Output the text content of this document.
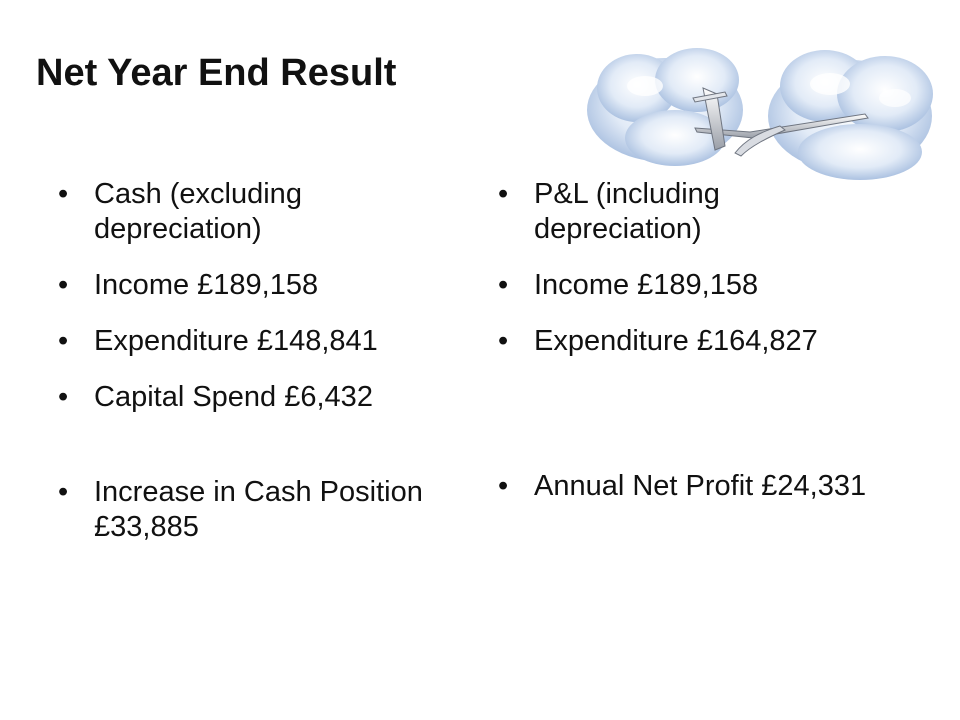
Net Year End Result
• Cash (excluding depreciation)
• Income £189,158
• Expenditure £148,841
• Capital Spend £6,432
• Increase in Cash Position £33,885
• P&L (including depreciation)
• Income £189,158
• Expenditure £164,827
• Annual Net Profit £24,331
